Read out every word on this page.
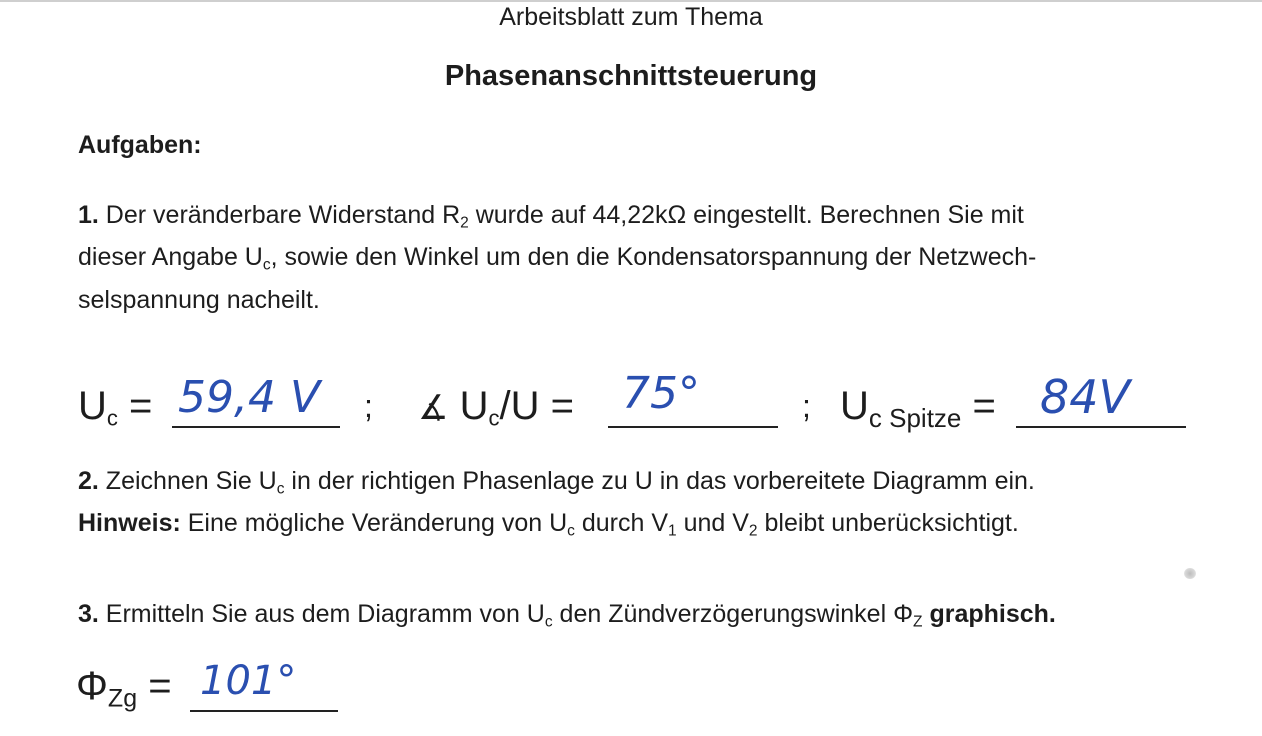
Arbeitsblatt zum Thema
Phasenanschnittsteuerung
Aufgaben:
1. Der veränderbare Widerstand $R_2$ wurde auf 44,22kΩ eingestellt. Berechnen Sie mit
dieser Angabe $U_c$, sowie den Winkel um den die Kondensatorspannung der Netzwech-
selspannung nacheilt.
$U_c = 59,4$ V ; ∡ $U_c/U = 75^\circ$	; $U_{c Spitze} = 84V$
2. Zeichnen Sie $U_c$ in der richtigen Phasenlage zu U in das vorbereitete Diagramm ein.
Hinweis: Eine mögliche Veränderung von $U_c$ durch $V_1$ und $V_2$ bleibt unberücksichtigt.
3. Ermitteln Sie aus dem Diagramm von $U_c$ den Zündverzögerungswinkel $\Phi_Z$ graphisch.
$\Phi_{Zg} = 101^\circ$
